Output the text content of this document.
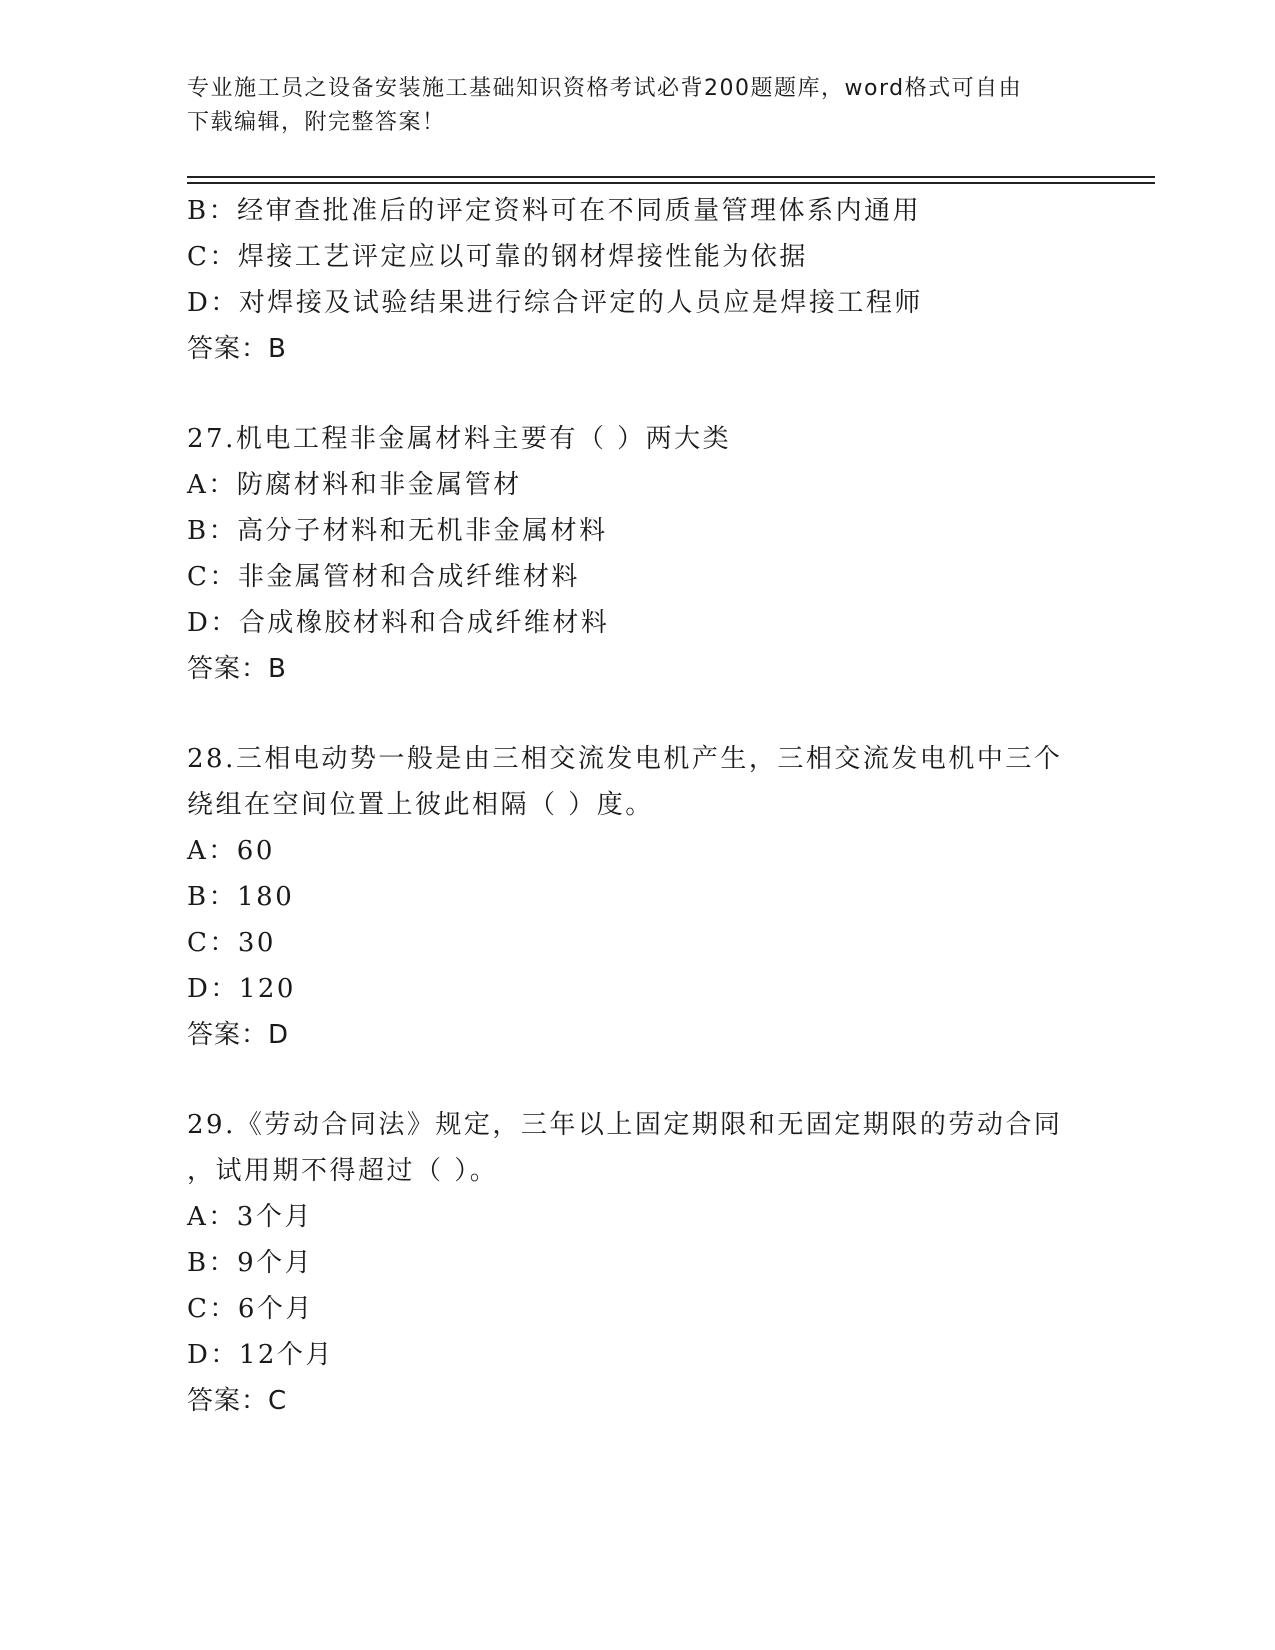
专业施工员之设备安装施工基础知识资格考试必背200题题库，word格式可自由
下载编辑，附完整答案！
B：经审查批准后的评定资料可在不同质量管理体系内通用
C：焊接工艺评定应以可靠的钢材焊接性能为依据
D：对焊接及试验结果进行综合评定的人员应是焊接工程师
答案：B
27.机电工程非金属材料主要有（ ）两大类
A：防腐材料和非金属管材
B：高分子材料和无机非金属材料
C：非金属管材和合成纤维材料
D：合成橡胶材料和合成纤维材料
答案：B
28.三相电动势一般是由三相交流发电机产生，三相交流发电机中三个
绕组在空间位置上彼此相隔（ ）度。
A：60
B：180
C：30
D：120
答案：D
29.《劳动合同法》规定，三年以上固定期限和无固定期限的劳动合同
，试用期不得超过（ ）。
A：3个月
B：9个月
C：6个月
D：12个月
答案：C
